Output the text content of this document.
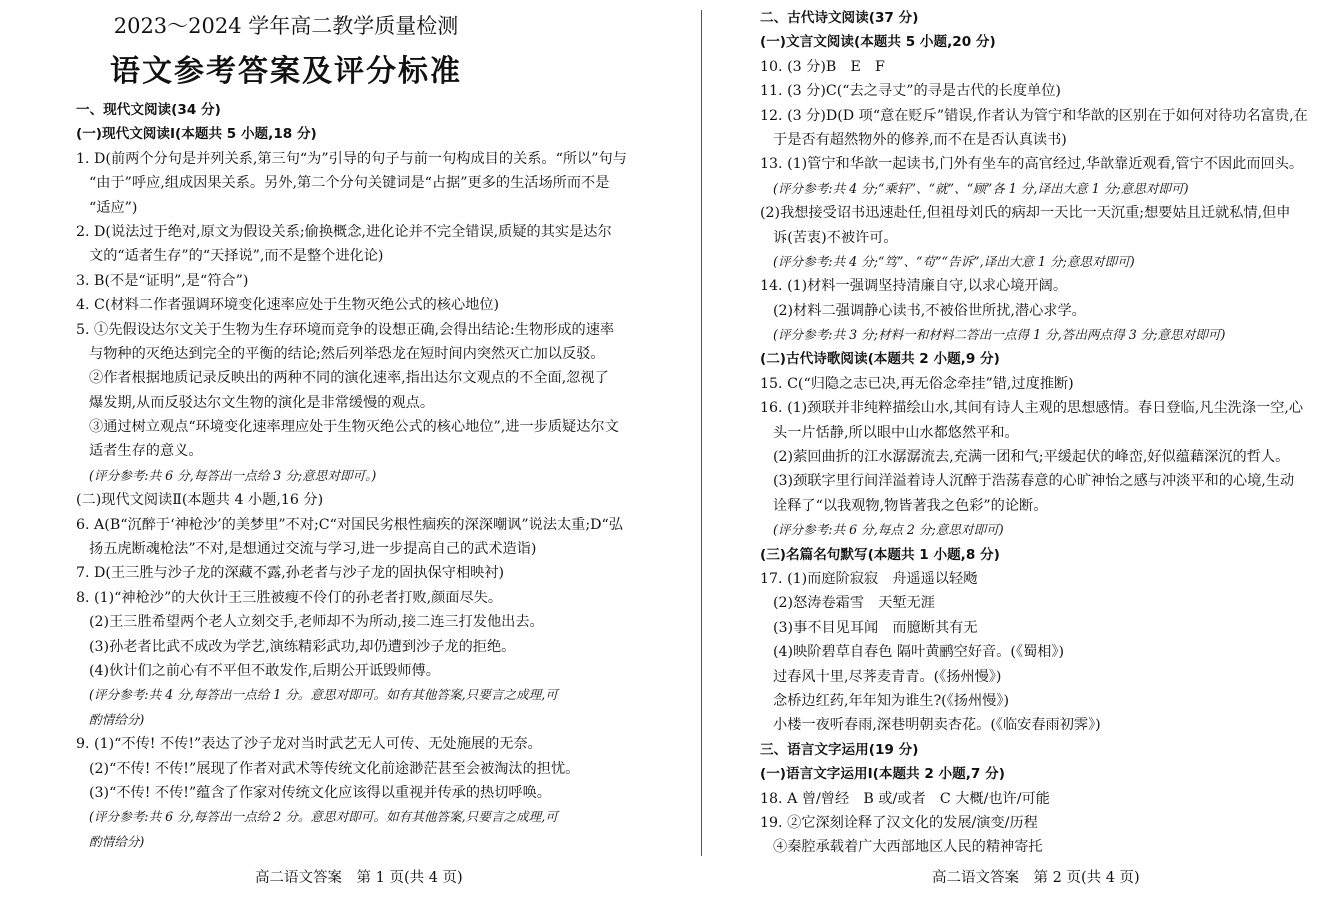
2023～2024 学年高二教学质量检测
语文参考答案及评分标准
一、现代文阅读(34 分)
(一)现代文阅读Ⅰ(本题共 5 小题,18 分)
1. D(前两个分句是并列关系,第三句“为”引导的句子与前一句构成目的关系。“所以”句与
“由于”呼应,组成因果关系。另外,第二个分句关键词是“占据”更多的生活场所而不是
“适应”)
2. D(说法过于绝对,原文为假设关系;偷换概念,进化论并不完全错误,质疑的其实是达尔
文的“适者生存”的“天择说”,而不是整个进化论)
3. B(不是“证明”,是“符合”)
4. C(材料二作者强调环境变化速率应处于生物灭绝公式的核心地位)
5. ①先假设达尔文关于生物为生存环境而竞争的设想正确,会得出结论:生物形成的速率
与物种的灭绝达到完全的平衡的结论;然后列举恐龙在短时间内突然灭亡加以反驳。
②作者根据地质记录反映出的两种不同的演化速率,指出达尔文观点的不全面,忽视了
爆发期,从而反驳达尔文生物的演化是非常缓慢的观点。
③通过树立观点“环境变化速率理应处于生物灭绝公式的核心地位”,进一步质疑达尔文
适者生存的意义。
(评分参考:共 6 分,每答出一点给 3 分;意思对即可。)
(二)现代文阅读Ⅱ(本题共 4 小题,16 分)
6. A(B“沉醉于‘神枪沙’的美梦里”不对;C“对国民劣根性痼疾的深深嘲讽”说法太重;D“弘
扬五虎断魂枪法”不对,是想通过交流与学习,进一步提高自己的武术造诣)
7. D(王三胜与沙子龙的深藏不露,孙老者与沙子龙的固执保守相映衬)
8. (1)“神枪沙”的大伙计王三胜被瘦不伶仃的孙老者打败,颜面尽失。
(2)王三胜希望两个老人立刻交手,老师却不为所动,接二连三打发他出去。
(3)孙老者比武不成改为学艺,演练精彩武功,却仍遭到沙子龙的拒绝。
(4)伙计们之前心有不平但不敢发作,后期公开诋毁师傅。
(评分参考:共 4 分,每答出一点给 1 分。意思对即可。如有其他答案,只要言之成理,可
酌情给分)
9. (1)“不传! 不传!”表达了沙子龙对当时武艺无人可传、无处施展的无奈。
(2)“不传! 不传!”展现了作者对武术等传统文化前途渺茫甚至会被淘汰的担忧。
(3)“不传! 不传!”蕴含了作家对传统文化应该得以重视并传承的热切呼唤。
(评分参考:共 6 分,每答出一点给 2 分。意思对即可。如有其他答案,只要言之成理,可
酌情给分)
二、古代诗文阅读(37 分)
(一)文言文阅读(本题共 5 小题,20 分)
10. (3 分)B　E　F
11. (3 分)C(“去之寻丈”的寻是古代的长度单位)
12. (3 分)D(D 项“意在贬斥”错误,作者认为管宁和华歆的区别在于如何对待功名富贵,在
于是否有超然物外的修养,而不在是否认真读书)
13. (1)管宁和华歆一起读书,门外有坐车的高官经过,华歆靠近观看,管宁不因此而回头。
(评分参考:共 4 分;“乘轩”、“就”、“顾”各 1 分,译出大意 1 分;意思对即可)
(2)我想接受诏书迅速赴任,但祖母刘氏的病却一天比一天沉重;想要姑且迁就私情,但申
诉(苦衷)不被许可。
(评分参考:共 4 分;“笃”、“苟”“告诉”,译出大意 1 分;意思对即可)
14. (1)材料一强调坚持清廉自守,以求心境开阔。
(2)材料二强调静心读书,不被俗世所扰,潜心求学。
(评分参考:共 3 分;材料一和材料二答出一点得 1 分,答出两点得 3 分;意思对即可)
(二)古代诗歌阅读(本题共 2 小题,9 分)
15. C(“归隐之志已决,再无俗念牵挂”错,过度推断)
16. (1)颈联并非纯粹描绘山水,其间有诗人主观的思想感情。春日登临,凡尘洗涤一空,心
头一片恬静,所以眼中山水都悠然平和。
(2)萦回曲折的江水潺潺流去,充满一团和气;平缓起伏的峰峦,好似蕴藉深沉的哲人。
(3)颈联字里行间洋溢着诗人沉醉于浩荡春意的心旷神怡之感与冲淡平和的心境,生动
诠释了“以我观物,物皆著我之色彩”的论断。
(评分参考:共 6 分,每点 2 分;意思对即可)
(三)名篇名句默写(本题共 1 小题,8 分)
17. (1)而庭阶寂寂　舟遥遥以轻飏
(2)怒涛卷霜雪　天堑无涯
(3)事不目见耳闻　而臆断其有无
(4)映阶碧草自春色 隔叶黄鹂空好音。(《蜀相》)
过春风十里,尽荠麦青青。(《扬州慢》)
念桥边红药,年年知为谁生?(《扬州慢》)
小楼一夜听春雨,深巷明朝卖杏花。(《临安春雨初霁》)
三、语言文字运用(19 分)
(一)语言文字运用Ⅰ(本题共 2 小题,7 分)
18. A 曾/曾经　B 或/或者　C 大概/也许/可能
19. ②它深刻诠释了汉文化的发展/演变/历程
④秦腔承载着广大西部地区人民的精神寄托
高二语文答案　第 1 页(共 4 页)	高二语文答案　第 2 页(共 4 页)
